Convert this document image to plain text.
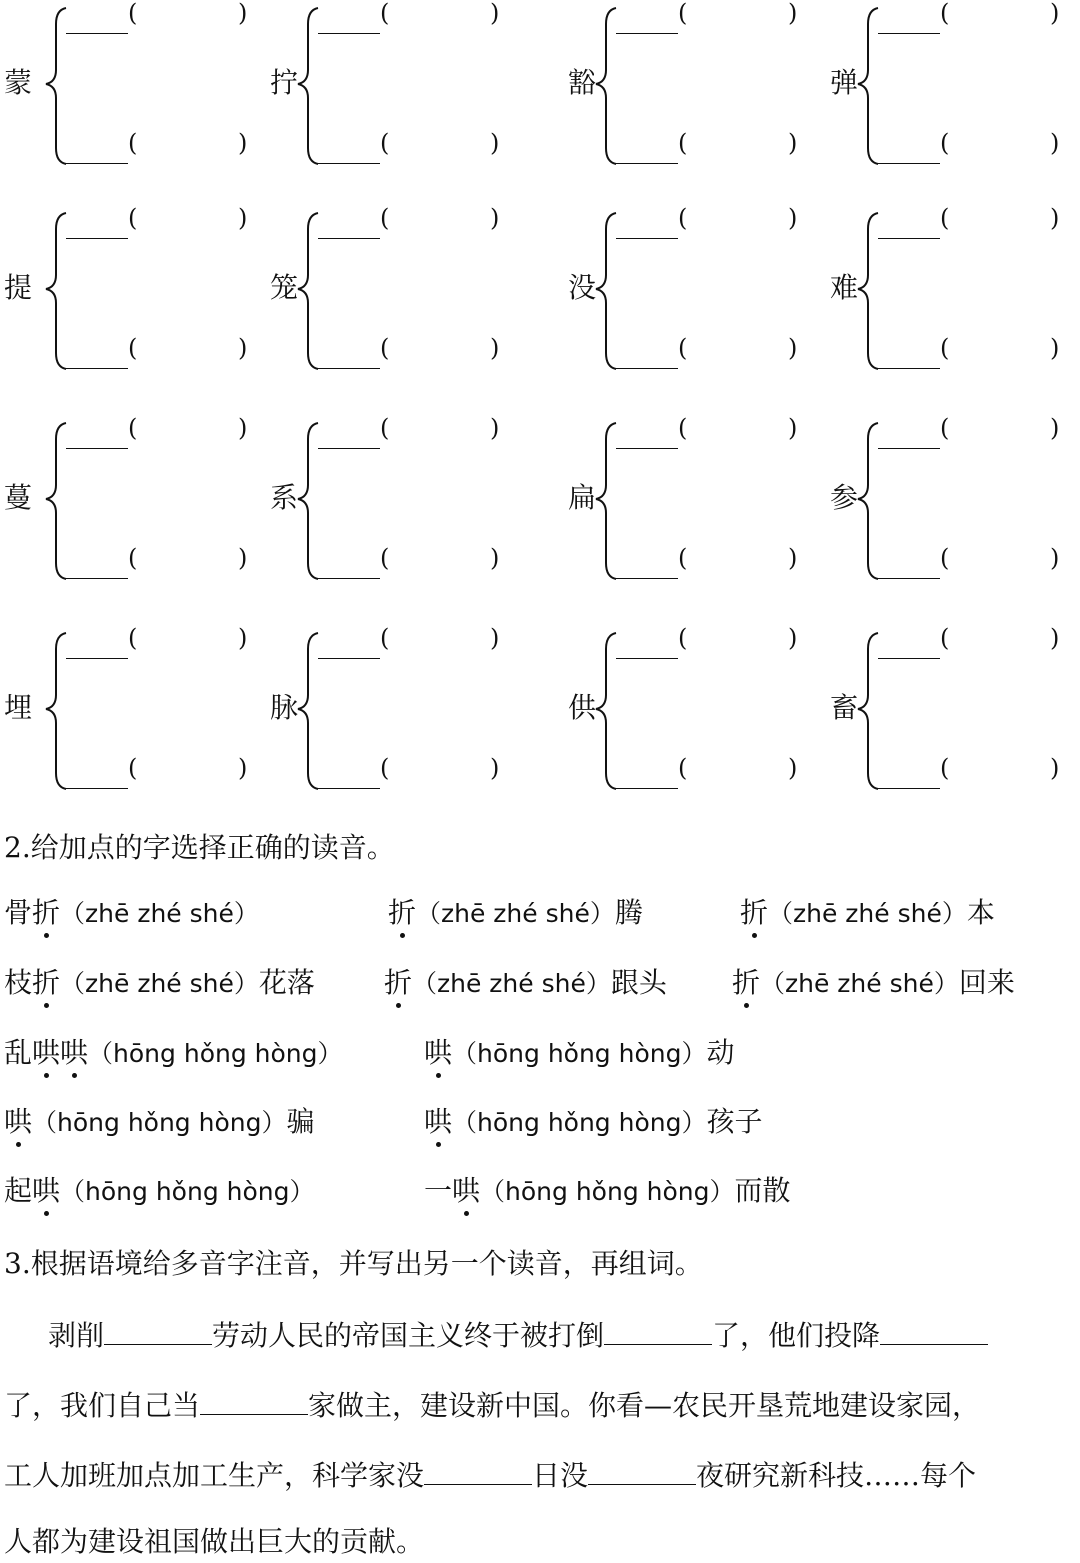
蒙
(	)
(	)
拧
(	)
(	)
豁
(	)
(	)
弹
(	)
(	)
提
(	)
(	)
笼
(	)
(	)
没
(	)
(	)
难
(	)
(	)
蔓
(	)
(	)
系
(	)
(	)
扁
(	)
(	)
参
(	)
(	)
埋
(	)
(	)
脉
(	)
(	)
供
(	)
(	)
畜
(	)
(	)
2.给加点的字选择正确的读音。
骨折（zhē zhé shé）	折（zhē zhé shé）腾	折（zhē zhé shé）本
枝折（zhē zhé shé）花落 折（zhē zhé shé）跟头 折（zhē zhé shé）回来
乱哄哄（hōng hǒng hòng）	哄（hōng hǒng hòng）动
哄（hōng hǒng hòng）骗	哄（hōng hǒng hòng）孩子
起哄（hōng hǒng hòng）	一哄（hōng hǒng hòng）而散
3.根据语境给多音字注音，并写出另一个读音，再组词。
剥削	劳动人民的帝国主义终于被打倒	了，他们投降
了，我们自己当	家做主，建设新中国。你看—农民开垦荒地建设家园，
工人加班加点加工生产，科学家没	日没	夜研究新科技……每个
人都为建设祖国做出巨大的贡献。
